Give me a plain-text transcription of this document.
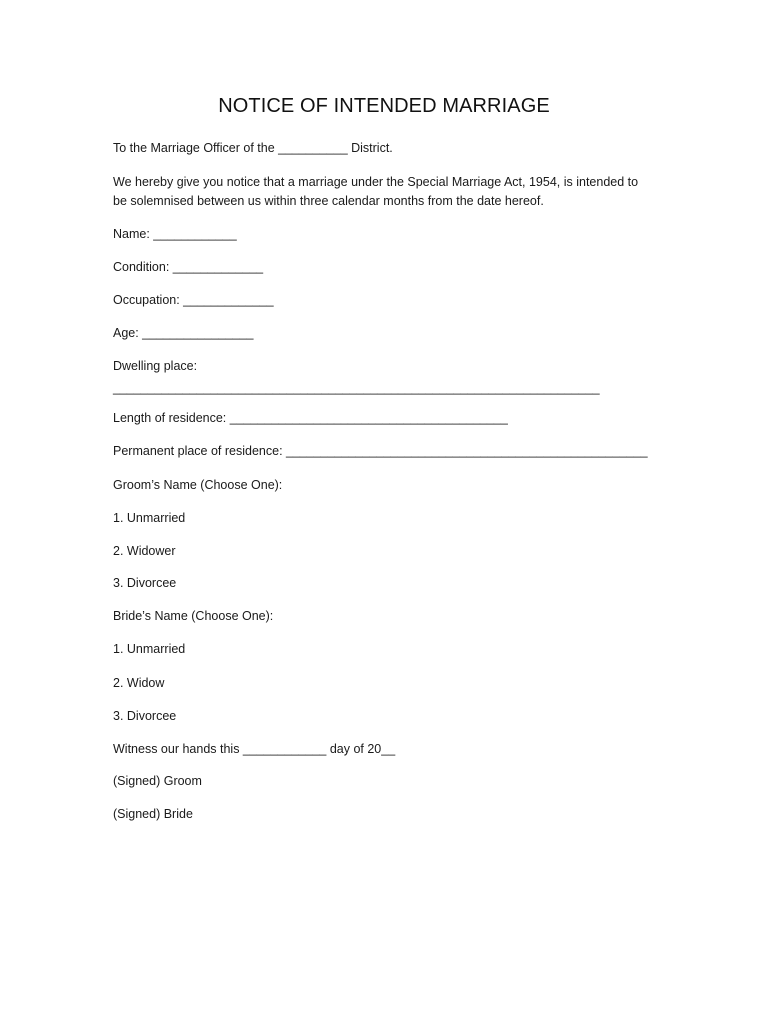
NOTICE OF INTENDED MARRIAGE
To the Marriage Officer of the __________ District.
We hereby give you notice that a marriage under the Special Marriage Act, 1954, is intended to
be solemnised between us within three calendar months from the date hereof.
Name: ____________
Condition: _____________
Occupation: _____________
Age: ________________
Dwelling place:
______________________________________________________________________
Length of residence: ________________________________________
Permanent place of residence: ____________________________________________________
Groom’s Name (Choose One):
1. Unmarried
2. Widower
3. Divorcee
Bride’s Name (Choose One):
1. Unmarried
2. Widow
3. Divorcee
Witness our hands this ____________ day of 20__
(Signed) Groom
(Signed) Bride
